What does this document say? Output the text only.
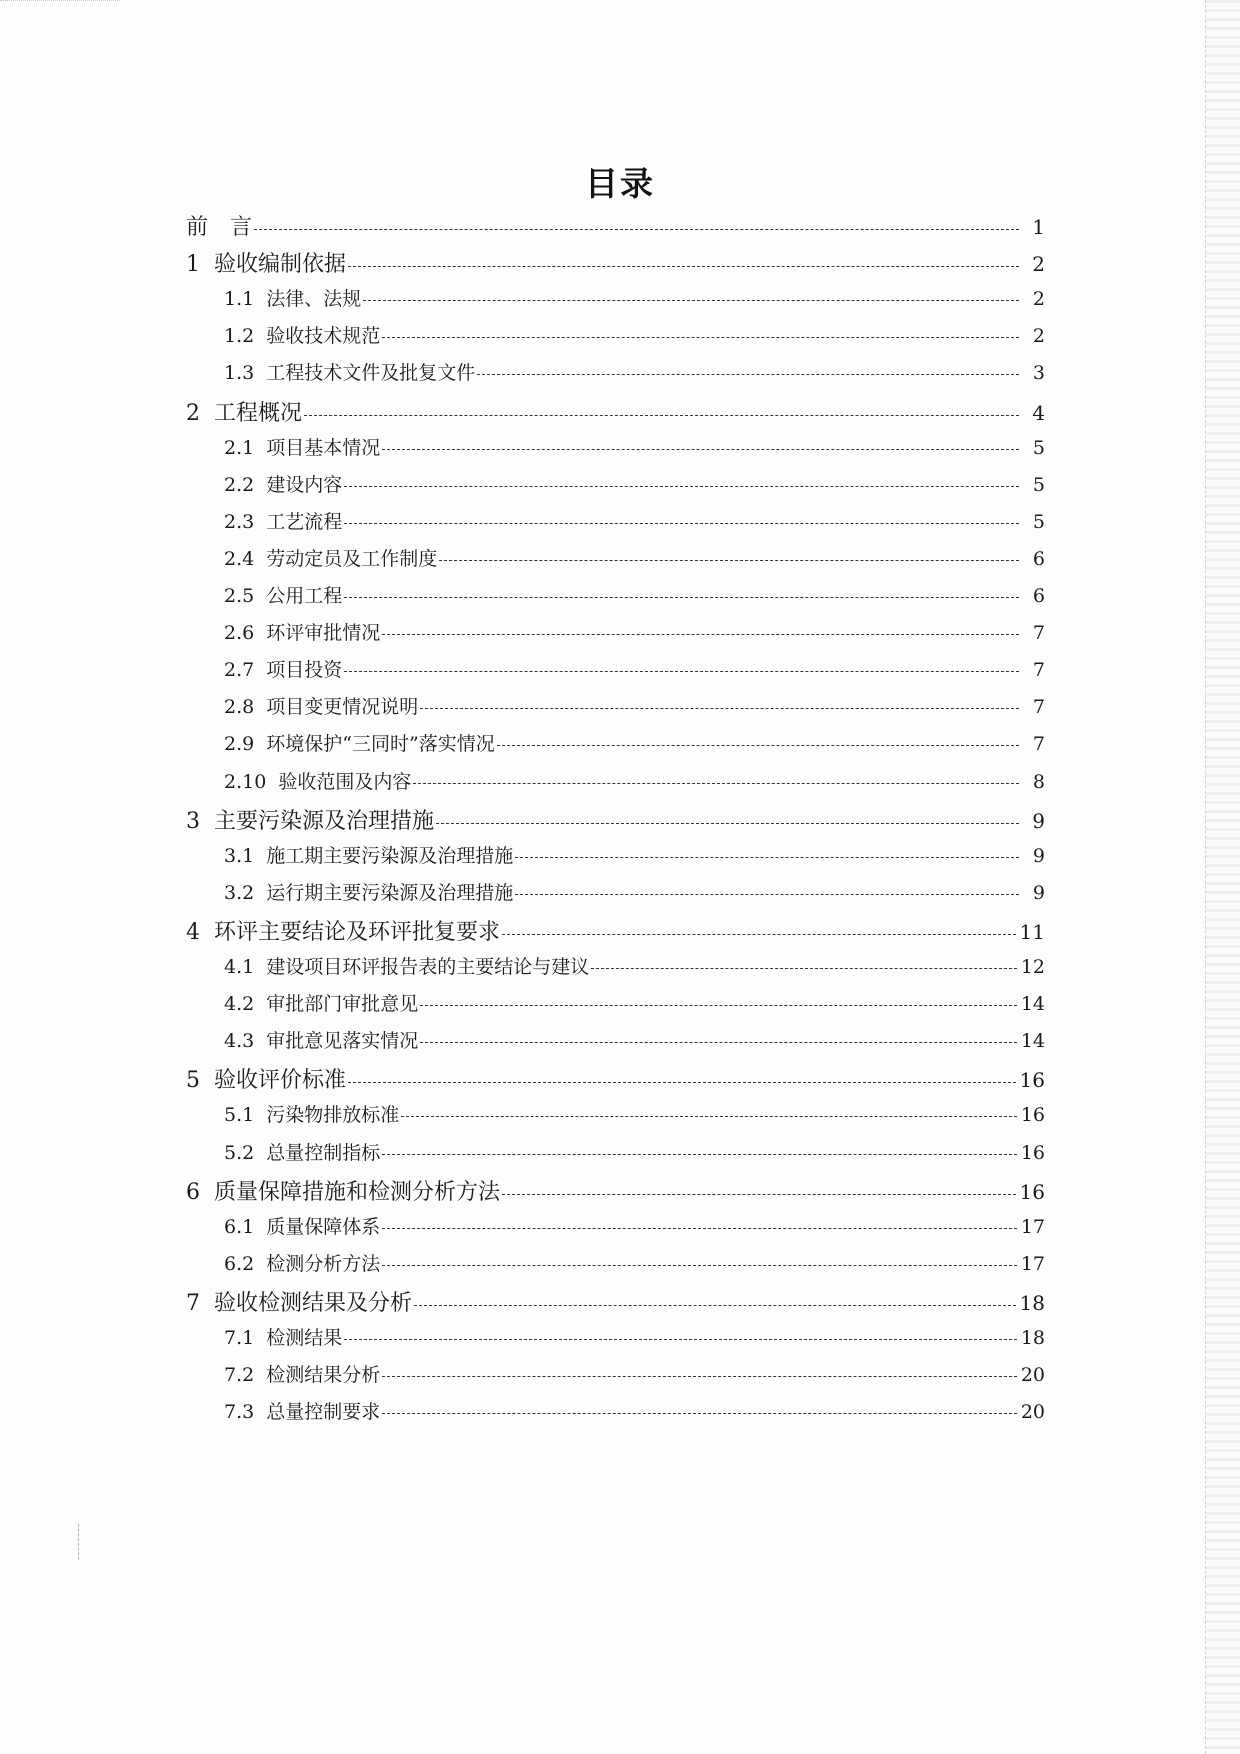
目录
前　言	1
1 验收编制依据	2
1.1 法律、法规	2
1.2 验收技术规范	2
1.3 工程技术文件及批复文件	3
2 工程概况	4
2.1 项目基本情况	5
2.2 建设内容	5
2.3 工艺流程	5
2.4 劳动定员及工作制度	6
2.5 公用工程	6
2.6 环评审批情况	7
2.7 项目投资	7
2.8 项目变更情况说明	7
2.9 环境保护“三同时”落实情况	7
2.10 验收范围及内容	8
3 主要污染源及治理措施	9
3.1 施工期主要污染源及治理措施	9
3.2 运行期主要污染源及治理措施	9
4 环评主要结论及环评批复要求	11
4.1 建设项目环评报告表的主要结论与建议	12
4.2 审批部门审批意见	14
4.3 审批意见落实情况	14
5 验收评价标准	16
5.1 污染物排放标准	16
5.2 总量控制指标	16
6 质量保障措施和检测分析方法	16
6.1 质量保障体系	17
6.2 检测分析方法	17
7 验收检测结果及分析	18
7.1 检测结果	18
7.2 检测结果分析	20
7.3 总量控制要求	20
